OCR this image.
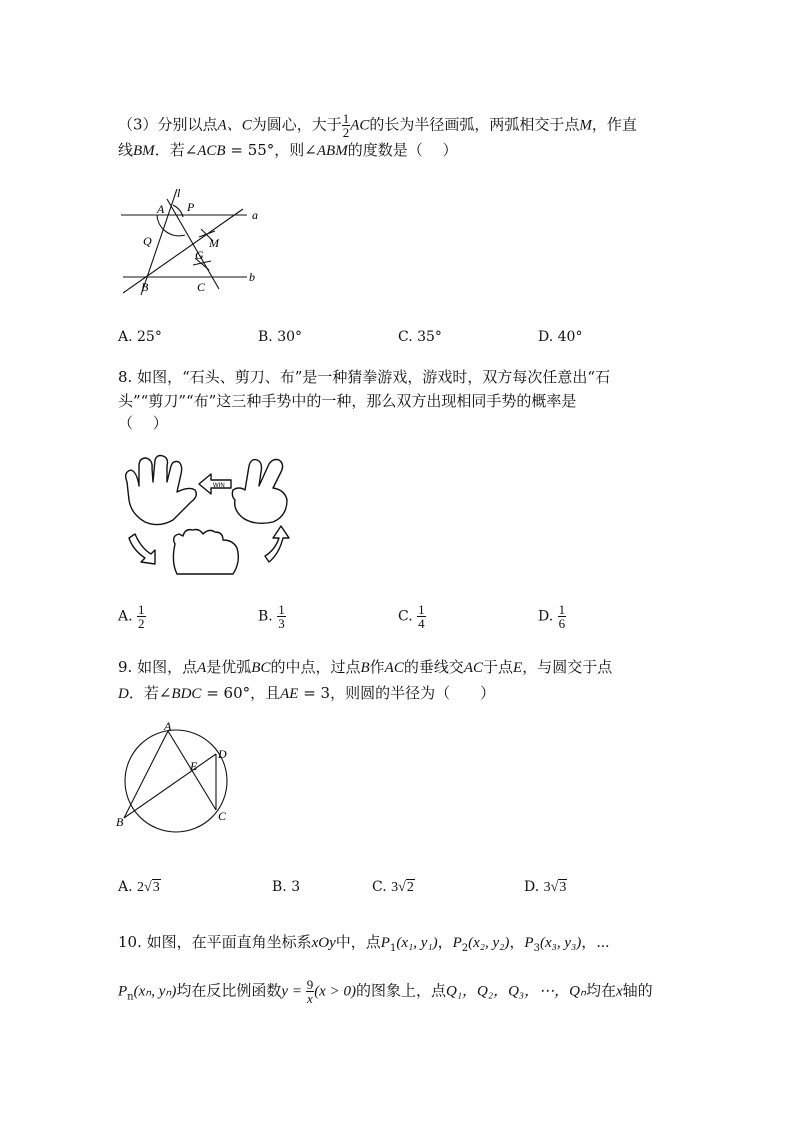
（3）分别以点A、C为圆心，大于 $\frac{1}{2}$ AC的长为半径画弧，两弧相交于点M，作直
线BM．若∠ACB = 55°，则∠ABM的度数是（　 ）
A P
l
a
Q	M
G
B	C
b
A. 25°	B. 30°	C. 35°	D. 40°
8. 如图，“石头、剪刀、布”是一种猜拳游戏，游戏时，双方每次任意出“石
头”“剪刀”“布”这三种手势中的一种，那么双方出现相同手势的概率是
（　 ）
WIN
A. $\frac{1}{2}$	B. $\frac{1}{3}$	C. $\frac{1}{4}$	D. $\frac{1}{6}$
9. 如图，点A是优弧BC的中点，过点B作AC的垂线交AC于点E，与圆交于点
D．若∠BDC = 60°，且AE = 3，则圆的半径为（　　）
A
B	C
D
E
A. 2√3	B. 3	C. 3√2	D. 3√3
10. 如图，在平面直角坐标系xOy中，点$P_1(x_1$, y₁)，$P_2(x_2$, y₂)，$P_3(x_3$, y₃)，⋯
$P_n(x_n$, yₙ)均在反比例函数$y = \frac{9}{x} (x > 0)$的图象上，点Q₁，Q₂，Q₃，⋯，Qₙ均在x轴的
